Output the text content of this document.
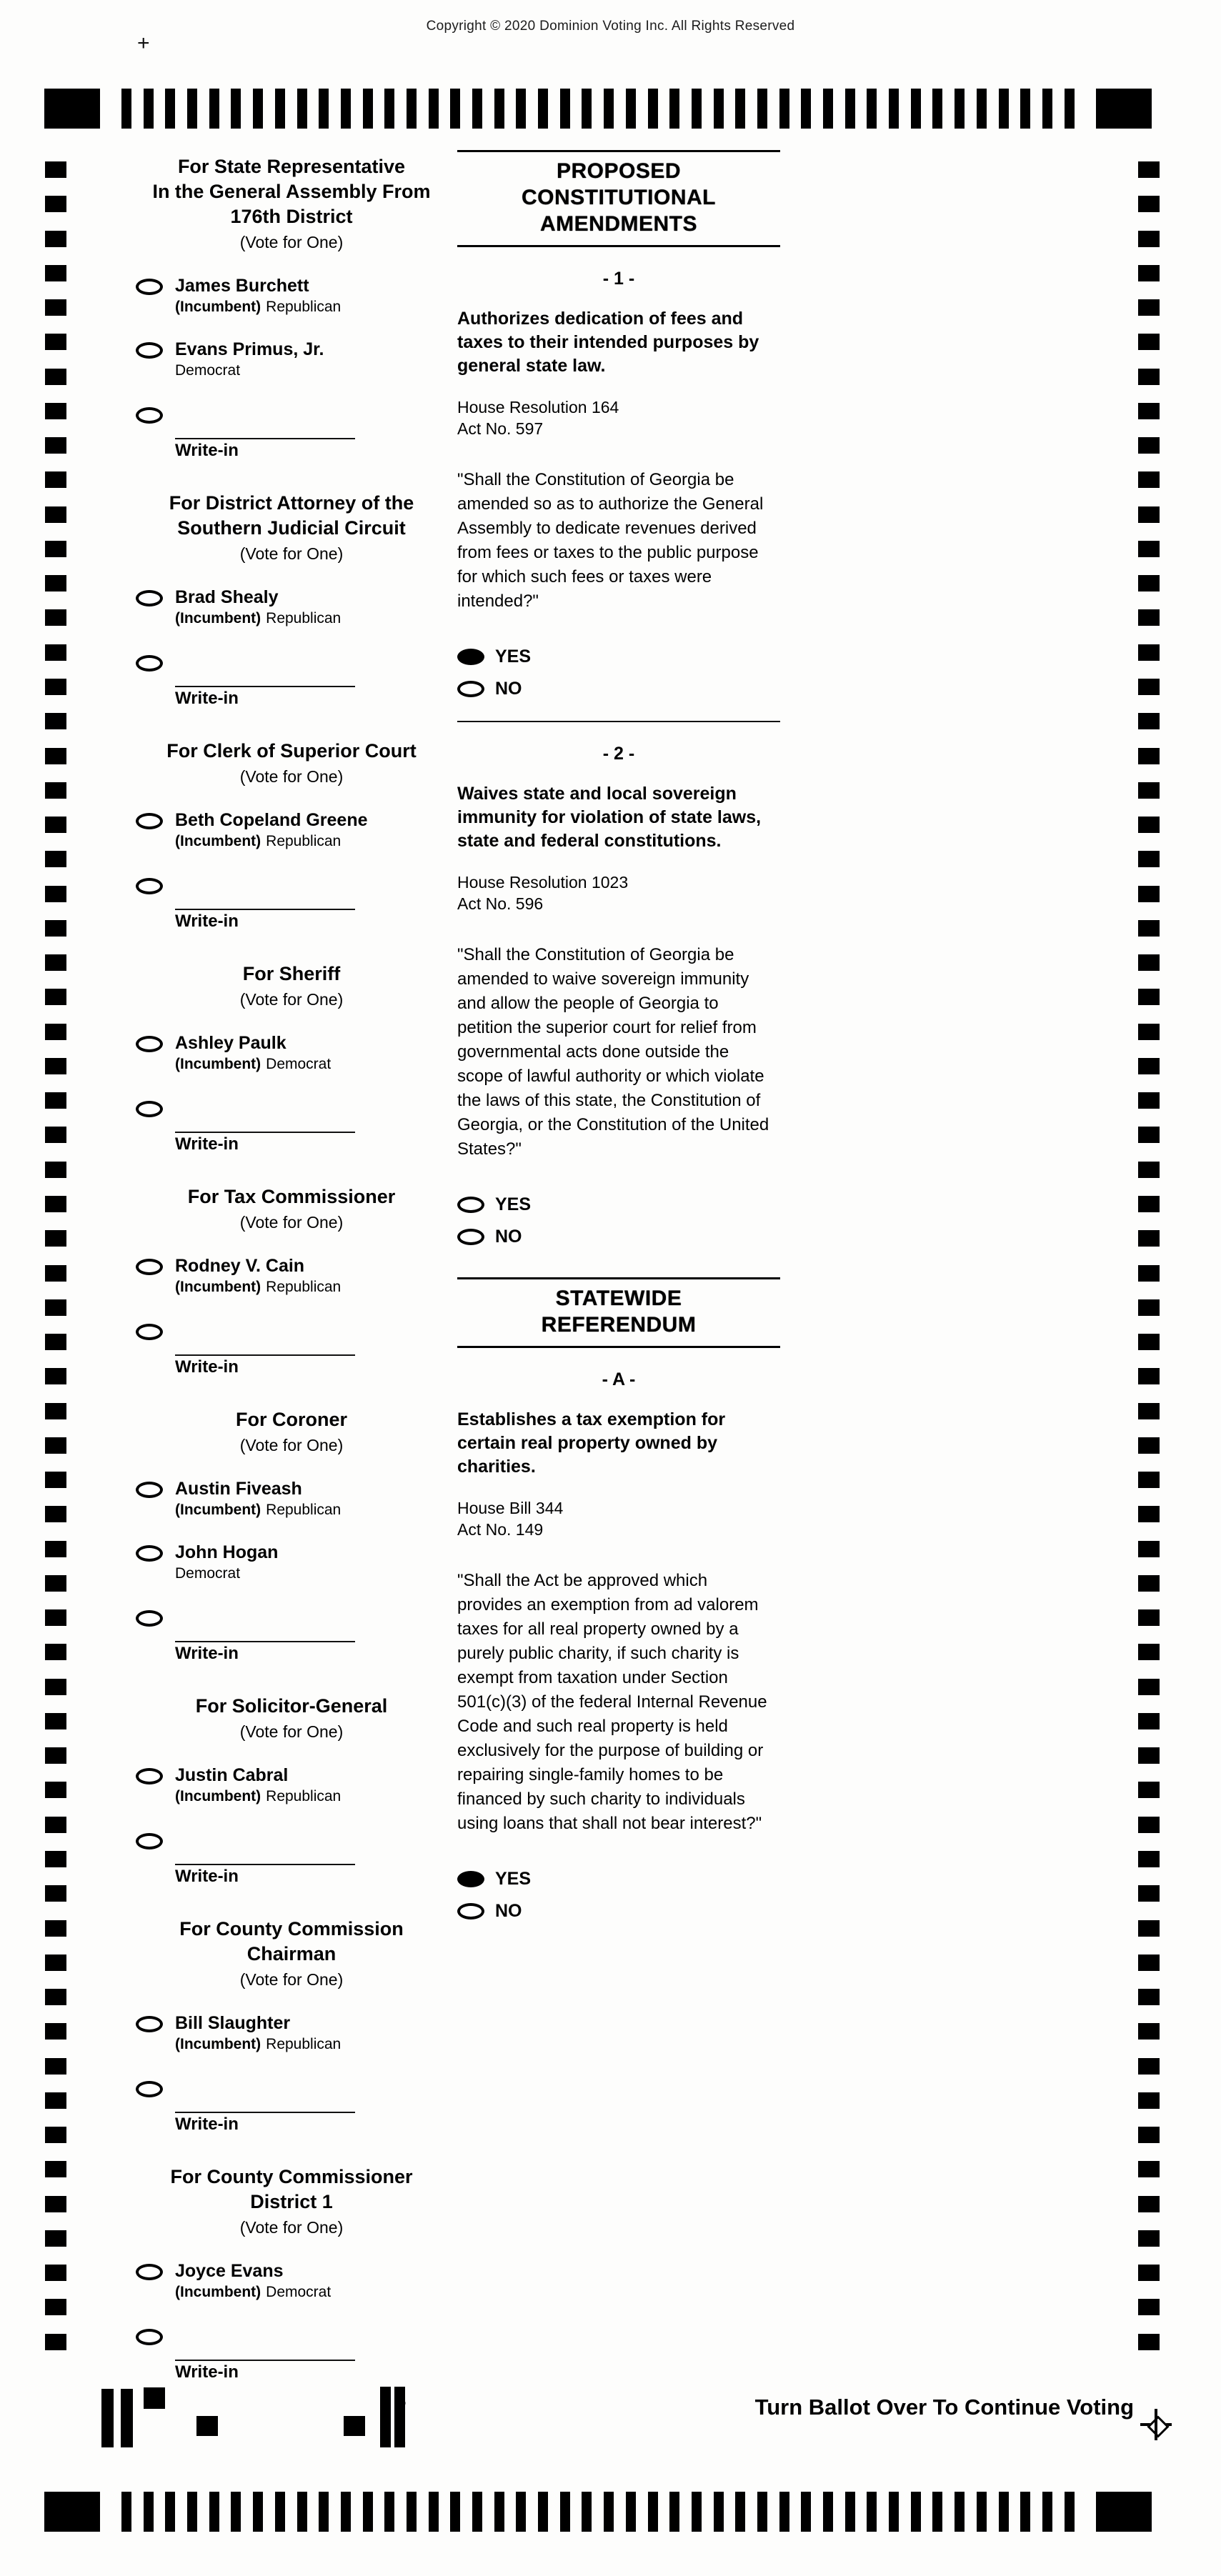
Copyright © 2020 Dominion Voting Inc. All Rights Reserved
+
For State Representative
In the General Assembly From
176th District
(Vote for One)
James Burchett
(Incumbent) Republican
Evans Primus, Jr.
Democrat
Write-in
For District Attorney of the
Southern Judicial Circuit
(Vote for One)
Brad Shealy
(Incumbent) Republican
Write-in
For Clerk of Superior Court
(Vote for One)
Beth Copeland Greene
(Incumbent) Republican
Write-in
For Sheriff
(Vote for One)
Ashley Paulk
(Incumbent) Democrat
Write-in
For Tax Commissioner
(Vote for One)
Rodney V. Cain
(Incumbent) Republican
Write-in
For Coroner
(Vote for One)
Austin Fiveash
(Incumbent) Republican
John Hogan
Democrat
Write-in
For Solicitor-General
(Vote for One)
Justin Cabral
(Incumbent) Republican
Write-in
For County Commission
Chairman
(Vote for One)
Bill Slaughter
(Incumbent) Republican
Write-in
For County Commissioner
District 1
(Vote for One)
Joyce Evans
(Incumbent) Democrat
Write-in
PROPOSED
CONSTITUTIONAL
AMENDMENTS
- 1 -
Authorizes dedication of fees and taxes to their intended purposes by general state law.
House Resolution 164
Act No. 597
"Shall the Constitution of Georgia be amended so as to authorize the General Assembly to dedicate revenues derived from fees or taxes to the public purpose for which such fees or taxes were intended?"
YES
NO
- 2 -
Waives state and local sovereign immunity for violation of state laws, state and federal constitutions.
House Resolution 1023
Act No. 596
"Shall the Constitution of Georgia be amended to waive sovereign immunity and allow the people of Georgia to petition the superior court for relief from governmental acts done outside the scope of lawful authority or which violate the laws of this state, the Constitution of Georgia, or the Constitution of the United States?"
YES
NO
STATEWIDE
REFERENDUM
- A -
Establishes a tax exemption for certain real property owned by charities.
House Bill 344
Act No. 149
"Shall the Act be approved which provides an exemption from ad valorem taxes for all real property owned by a purely public charity, if such charity is exempt from taxation under Section 501(c)(3) of the federal Internal Revenue Code and such real property is held exclusively for the purpose of building or repairing single-family homes to be financed by such charity to individuals using loans that shall not bear interest?"
YES
NO
Turn Ballot Over To Continue Voting
2
